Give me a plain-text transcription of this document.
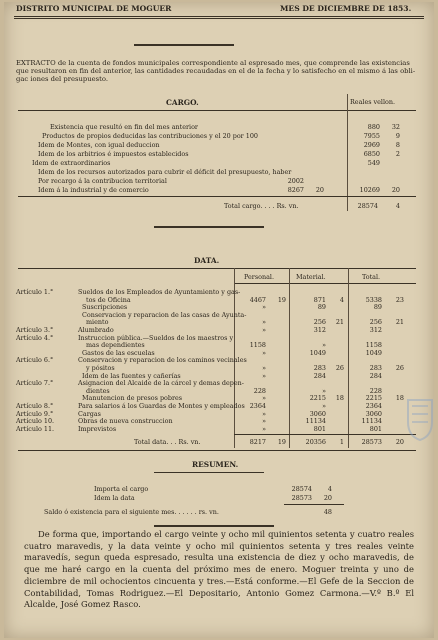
DISTRITO MUNICIPAL DE MOGUER	MES DE DICIEMBRE DE 1853.
EXTRACTO de la cuenta de fondos municipales correspondiente al espresado mes, que comprende las existencias
que resultaron en fin del anterior, las cantidades recaudadas en el de la fecha y lo satisfecho en el mismo á las obli-
gac iones del presupuesto.
CARGO.	Reales vellon.
Existencia que resultó en fin del mes anterior	880	32
Productos de propios deducidas las contribuciones y el 20 por 100	7955	9
Idem de Montes, con igual deduccion	2969	8
Idem de los arbitrios é impuestos establecidos	6850	2
Idem de extraordinarios	549
Idem de los recursos autorizados para cubrir el déficit del presupuesto, haber
Por recargo á la contribucion territorial	2002
Idem á la industrial y de comercio	8267	20	10269	20
Total cargo. . . . Rs. vn.	28574	4
DATA.
Personal.	Material.	Total.
Artículo 1.°	Sueldos de los Empleados de Ayuntamiento y gas-
tos de Oficina	4467	19	871	4	5338	23
Suscripciones	»	89	89
Conservacion y reparacion de las casas de Ayunta-
miento	»	256	21	256	21
Artículo 3.°	Alumbrado	»	312	312
Artículo 4.°	Instruccion pública.—Sueldos de los maestros y
mas dependientes	1158	»	1158
Gastos de las escuelas	»	1049	1049
Artículo 6.°	Conservacion y reparacion de los caminos vecinales
y pósitos	»	283	26	283	26
Idem de las fuentes y cañerías	»	284	284
Artículo 7.°	Asignacion del Alcaide de la cárcel y demas depen-
dientes	228	»	228
Manutencion de presos pobres	»	2215	18	2215	18
Artículo 8.°	Para salarios á los Guardas de Montes y empleados 2364	»	2364
Artículo 9.°	Cargas	»	3060	3060
Artículo 10.	Obras de nueva construccion	»	11134	11134
Artículo 11.	Imprevistos	»	801	801
Total data. . . Rs. vn.	8217	19	20356	1	28573	20
RESUMEN.
Importa el cargo	28574	4
Idem la data	28573	20
Saldo ó existencia para el siguiente mes. . . . . . rs. vn.	48
De forma que, importando el cargo veinte y ocho mil quinientos setenta y cuatro reales cuatro maravedis, y la data veinte y ocho mil quinientos setenta y tres reales veinte maravedís, segun queda espresado, resulta una existencia de diez y ocho maravedis, de que me haré cargo en la cuenta del próximo mes de enero. Moguer treinta y uno de diciembre de mil ochocientos cincuenta y tres.—Está conforme.—El Gefe de la Seccion de Contabilidad, Tomas Rodriguez.—El Depositario, Antonio Gomez Carmona.—V.º B.º El Alcalde, José Gomez Rasco.
